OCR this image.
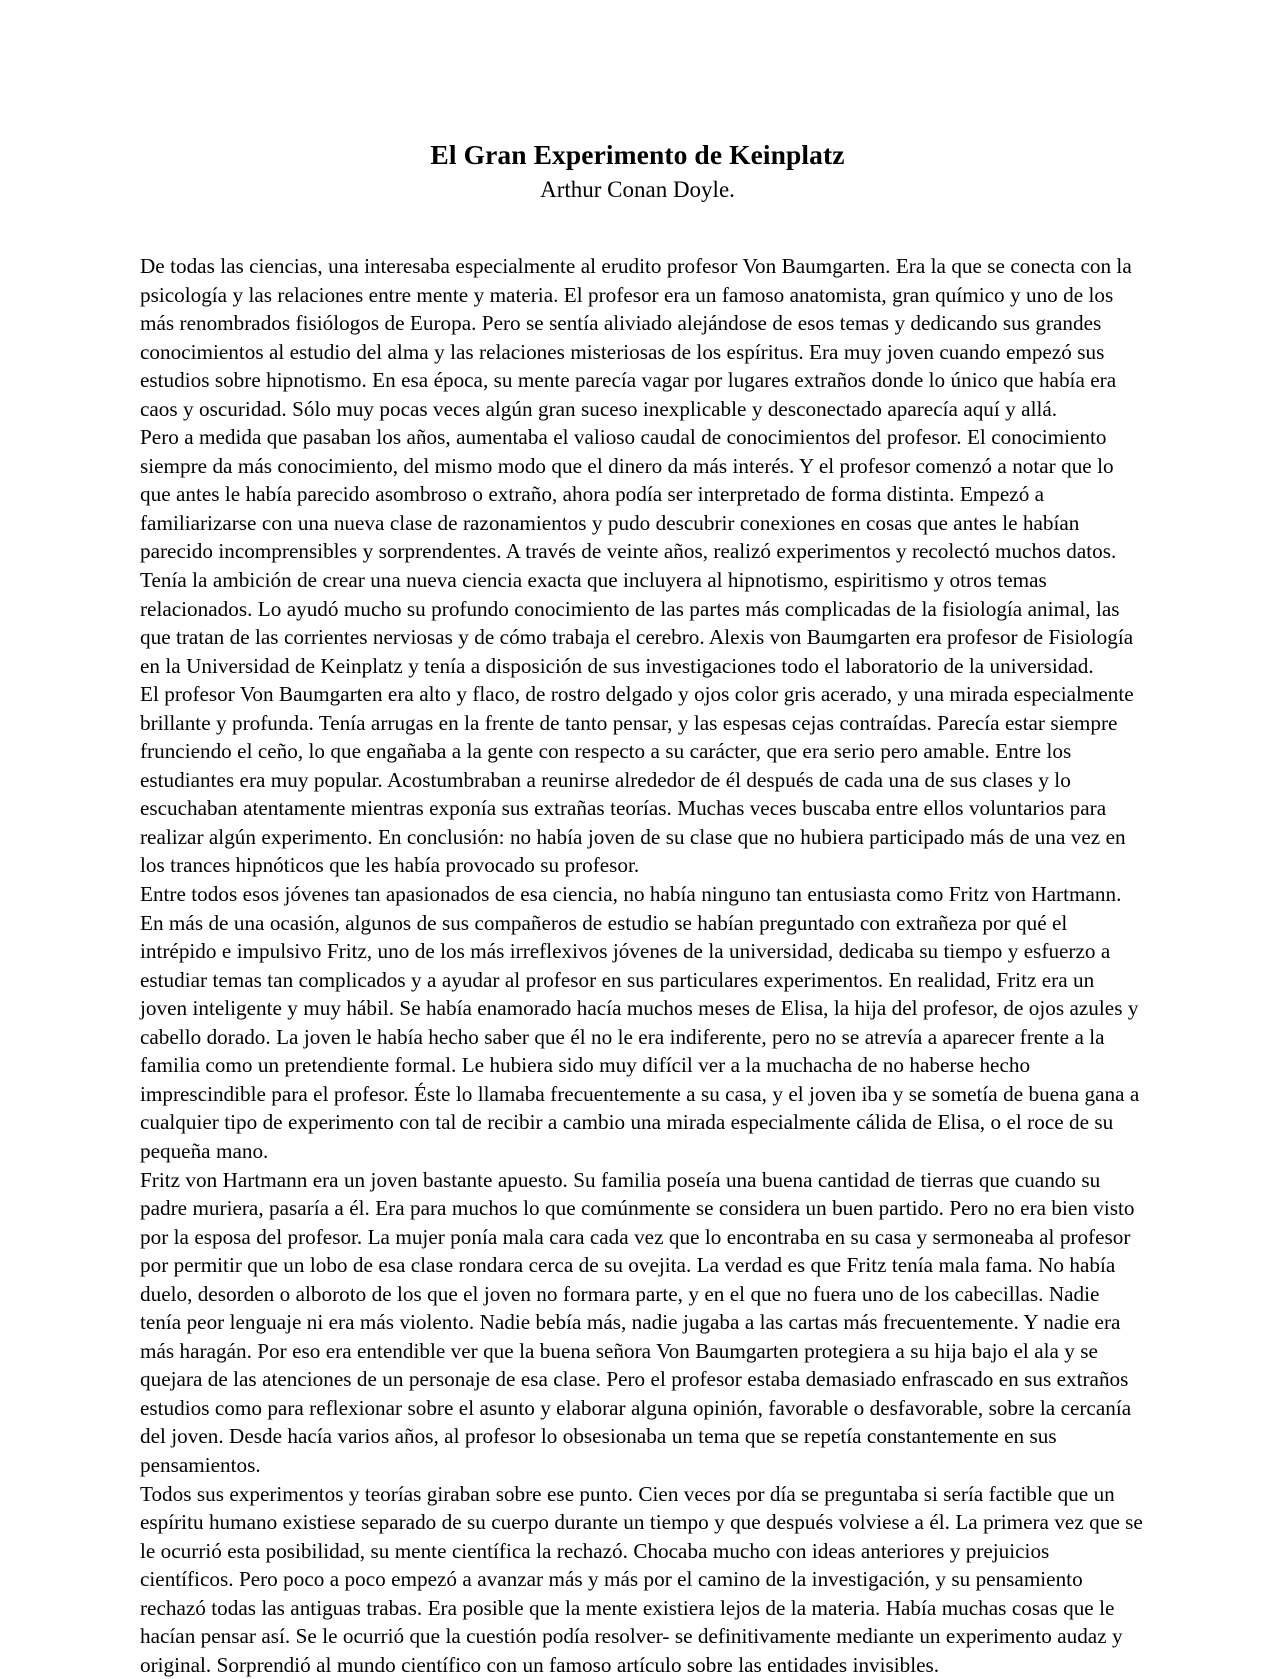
El Gran Experimento de Keinplatz
Arthur Conan Doyle.

De todas las ciencias, una interesaba especialmente al erudito profesor Von Baumgarten. Era la que se conecta con la psicología y las relaciones entre mente y materia. El profesor era un famoso anatomista, gran químico y uno de los más renombrados fisiólogos de Europa. Pero se sentía aliviado alejándose de esos temas y dedicando sus grandes conocimientos al estudio del alma y las relaciones misteriosas de los espíritus. Era muy joven cuando empezó sus estudios sobre hipnotismo. En esa época, su mente parecía vagar por lugares extraños donde lo único que había era caos y oscuridad. Sólo muy pocas veces algún gran suceso inexplicable y desconectado aparecía aquí y allá.

Pero a medida que pasaban los años, aumentaba el valioso caudal de conocimientos del profesor. El conocimiento siempre da más conocimiento, del mismo modo que el dinero da más interés. Y el profesor comenzó a notar que lo que antes le había parecido asombroso o extraño, ahora podía ser interpretado de forma distinta. Empezó a familiarizarse con una nueva clase de razonamientos y pudo descubrir conexiones en cosas que antes le habían parecido incomprensibles y sorprendentes. A través de veinte años, realizó experimentos y recolectó muchos datos. Tenía la ambición de crear una nueva ciencia exacta que incluyera al hipnotismo, espiritismo y otros temas relacionados. Lo ayudó mucho su profundo conocimiento de las partes más complicadas de la fisiología animal, las que tratan de las corrientes nerviosas y de cómo trabaja el cerebro. Alexis von Baumgarten era profesor de Fisiología en la Universidad de Keinplatz y tenía a disposición de sus investigaciones todo el laboratorio de la universidad.

El profesor Von Baumgarten era alto y flaco, de rostro delgado y ojos color gris acerado, y una mirada especialmente brillante y profunda. Tenía arrugas en la frente de tanto pensar, y las espesas cejas contraídas. Parecía estar siempre frunciendo el ceño, lo que engañaba a la gente con respecto a su carácter, que era serio pero amable. Entre los estudiantes era muy popular. Acostumbraban a reunirse alrededor de él después de cada una de sus clases y lo escuchaban atentamente mientras exponía sus extrañas teorías. Muchas veces buscaba entre ellos voluntarios para realizar algún experimento. En conclusión: no había joven de su clase que no hubiera participado más de una vez en los trances hipnóticos que les había provocado su profesor.

Entre todos esos jóvenes tan apasionados de esa ciencia, no había ninguno tan entusiasta como Fritz von Hartmann. En más de una ocasión, algunos de sus compañeros de estudio se habían preguntado con extrañeza por qué el intrépido e impulsivo Fritz, uno de los más irreflexivos jóvenes de la universidad, dedicaba su tiempo y esfuerzo a estudiar temas tan complicados y a ayudar al profesor en sus particulares experimentos. En realidad, Fritz era un joven inteligente y muy hábil. Se había enamorado hacía muchos meses de Elisa, la hija del profesor, de ojos azules y cabello dorado. La joven le había hecho saber que él no le era indiferente, pero no se atrevía a aparecer frente a la familia como un pretendiente formal. Le hubiera sido muy difícil ver a la muchacha de no haberse hecho imprescindible para el profesor. Éste lo llamaba frecuentemente a su casa, y el joven iba y se sometía de buena gana a cualquier tipo de experimento con tal de recibir a cambio una mirada especialmente cálida de Elisa, o el roce de su pequeña mano.

Fritz von Hartmann era un joven bastante apuesto. Su familia poseía una buena cantidad de tierras que cuando su padre muriera, pasaría a él. Era para muchos lo que comúnmente se considera un buen partido. Pero no era bien visto por la esposa del profesor. La mujer ponía mala cara cada vez que lo encontraba en su casa y sermoneaba al profesor por permitir que un lobo de esa clase rondara cerca de su ovejita. La verdad es que Fritz tenía mala fama. No había duelo, desorden o alboroto de los que el joven no formara parte, y en el que no fuera uno de los cabecillas. Nadie tenía peor lenguaje ni era más violento. Nadie bebía más, nadie jugaba a las cartas más frecuentemente. Y nadie era más haragán. Por eso era entendible ver que la buena señora Von Baumgarten protegiera a su hija bajo el ala y se quejara de las atenciones de un personaje de esa clase. Pero el profesor estaba demasiado enfrascado en sus extraños estudios como para reflexionar sobre el asunto y elaborar alguna opinión, favorable o desfavorable, sobre la cercanía del joven. Desde hacía varios años, al profesor lo obsesionaba un tema que se repetía constantemente en sus pensamientos.

Todos sus experimentos y teorías giraban sobre ese punto. Cien veces por día se preguntaba si sería factible que un espíritu humano existiese separado de su cuerpo durante un tiempo y que después volviese a él. La primera vez que se le ocurrió esta posibilidad, su mente científica la rechazó. Chocaba mucho con ideas anteriores y prejuicios científicos. Pero poco a poco empezó a avanzar más y más por el camino de la investigación, y su pensamiento rechazó todas las antiguas trabas. Era posible que la mente existiera lejos de la materia. Había muchas cosas que le hacían pensar así. Se le ocurrió que la cuestión podía resolver- se definitivamente mediante un experimento audaz y original. Sorprendió al mundo científico con un famoso artículo sobre las entidades invisibles.
